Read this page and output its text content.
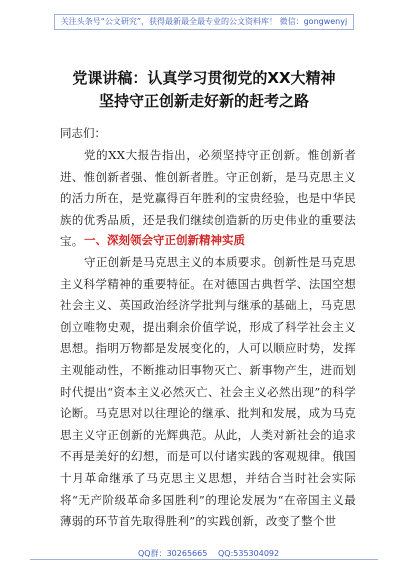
关注头条号“公文研究”，获得最新最全最专业的公文资料库！ 微信：gongwenyj
党课讲稿：认真学习贯彻党的XX大精神
坚持守正创新走好新的赶考之路
同志们：
党的XX大报告指出，必须坚持守正创新。惟创新者进、惟创新者强、惟创新者胜。守正创新，是马克思主义的活力所在，是党赢得百年胜利的宝贵经验，也是中华民族的优秀品质，还是我们继续创造新的历史伟业的重要法宝。 一、深刻领会守正创新精神实质
守正创新是马克思主义的本质要求。创新性是马克思主义科学精神的重要特征。在对德国古典哲学、法国空想社会主义、英国政治经济学批判与继承的基础上，马克思创立唯物史观，提出剩余价值学说，形成了科学社会主义思想。指明万物都是发展变化的，人可以顺应时势，发挥主观能动性，不断推动旧事物灭亡、新事物产生，进而划时代提出“资本主义必然灭亡、社会主义必然出现”的科学论断。马克思对以往理论的继承、批判和发展，成为马克思主义守正创新的光辉典范。从此，人类对新社会的追求不再是美好的幻想，而是可以付诸实践的客观规律。俄国十月革命继承了马克思主义思想，并结合当时社会实际将“无产阶级革命多国胜利”的理论发展为“在帝国主义最薄弱的环节首先取得胜利”的实践创新，改变了整个世
QQ群：30265665 QQ:535304092
